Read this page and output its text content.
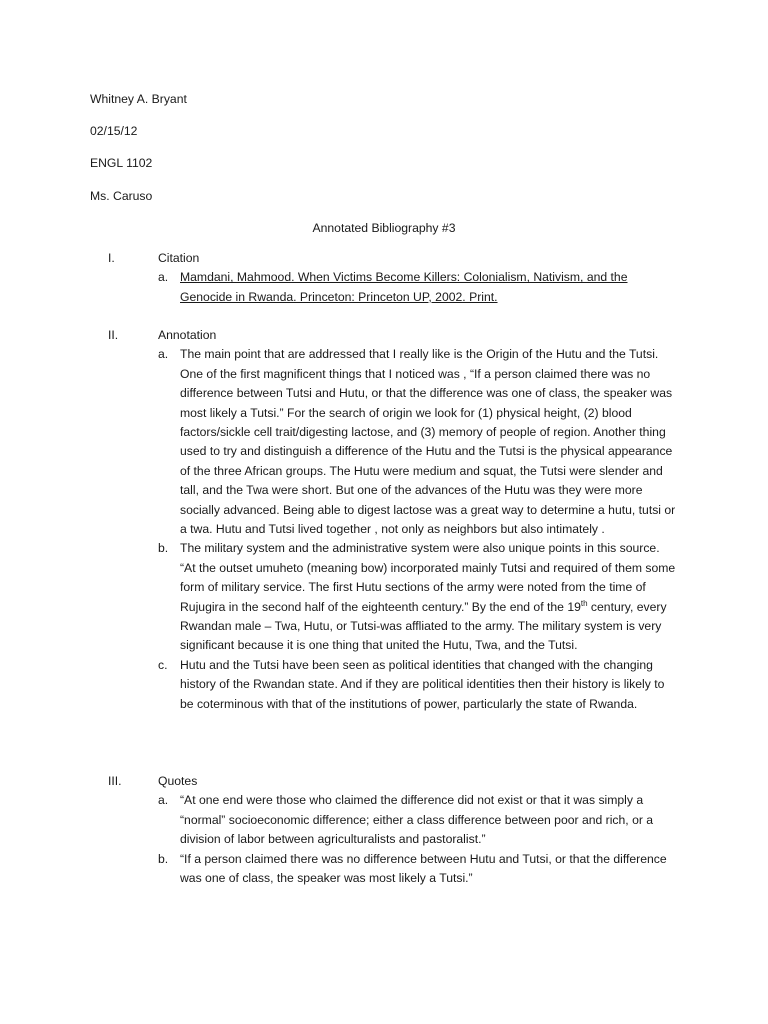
Whitney A. Bryant
02/15/12
ENGL 1102
Ms. Caruso
Annotated Bibliography #3
I.	Citation
a. Mamdani, Mahmood. When Victims Become Killers: Colonialism, Nativism, and the Genocide in Rwanda. Princeton: Princeton UP, 2002. Print.
II.	Annotation
a. The main point that are addressed that I really like is the Origin of the Hutu and the Tutsi. One of the first magnificent things that I noticed was , “If a person claimed there was no difference between Tutsi and Hutu, or that the difference was one of class, the speaker was most likely a Tutsi.” For the search of origin we look for (1) physical height, (2) blood factors/sickle cell trait/digesting lactose, and (3) memory of people of region. Another thing used to try and distinguish a difference of the Hutu and the Tutsi is the physical appearance of the three African groups. The Hutu were medium and squat, the Tutsi were slender and tall, and the Twa were short. But one of the advances of the Hutu was they were more socially advanced. Being able to digest lactose was a great way to determine a hutu, tutsi or a twa. Hutu and Tutsi lived together , not only as neighbors but also intimately .
b. The military system and the administrative system were also unique points in this source. “At the outset umuheto (meaning bow) incorporated mainly Tutsi and required of them some form of military service. The first Hutu sections of the army were noted from the time of Rujugira in the second half of the eighteenth century.” By the end of the 19th century, every Rwandan male – Twa, Hutu, or Tutsi-was affliated to the army. The military system is very significant because it is one thing that united the Hutu, Twa, and the Tutsi.
c. Hutu and the Tutsi have been seen as political identities that changed with the changing history of the Rwandan state. And if they are political identities then their history is likely to be coterminous with that of the institutions of power, particularly the state of Rwanda.
III.	Quotes
a. “At one end were those who claimed the difference did not exist or that it was simply a “normal” socioeconomic difference; either a class difference between poor and rich, or a division of labor between agriculturalists and pastoralist.”
b. “If a person claimed there was no difference between Hutu and Tutsi, or that the difference was one of class, the speaker was most likely a Tutsi.”
